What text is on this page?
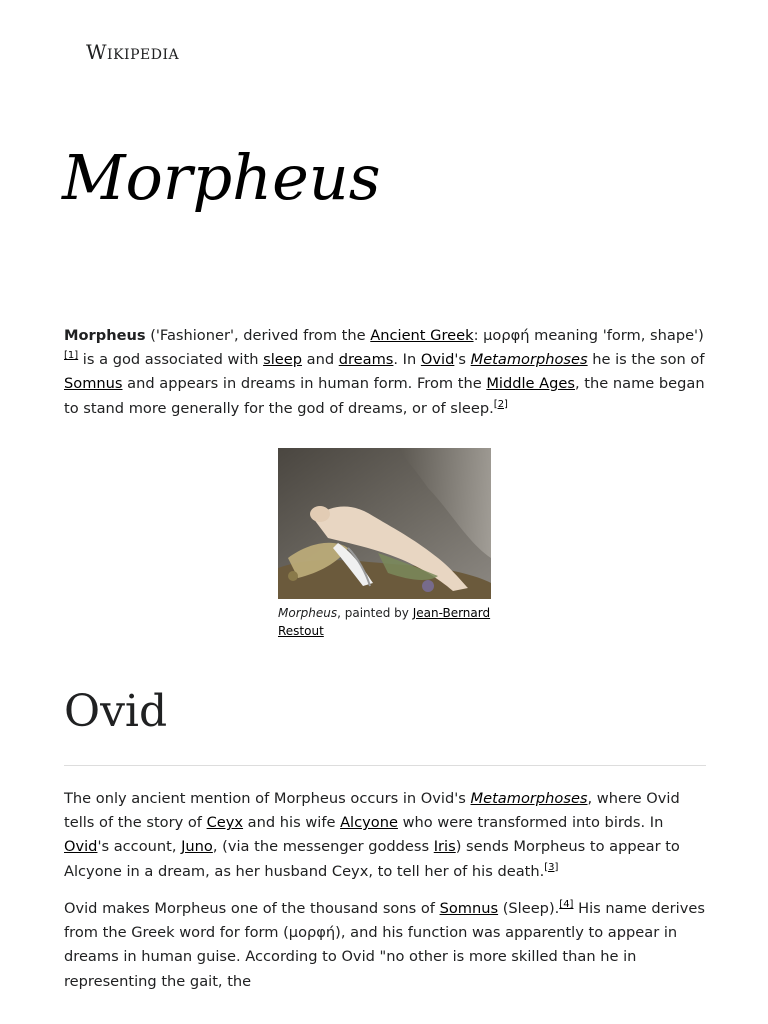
Wikipedia
Morpheus

Morpheus ('Fashioner', derived from the Ancient Greek: μορφή meaning 'form, shape')[1] is a god associated with sleep and dreams. In Ovid's Metamorphoses he is the son of Somnus and appears in dreams in human form. From the Middle Ages, the name began to stand more generally for the god of dreams, or of sleep.[2]

Morpheus, painted by Jean-Bernard Restout
Ovid

The only ancient mention of Morpheus occurs in Ovid's Metamorphoses, where Ovid tells of the story of Ceyx and his wife Alcyone who were transformed into birds. In Ovid's account, Juno, (via the messenger goddess Iris) sends Morpheus to appear to Alcyone in a dream, as her husband Ceyx, to tell her of his death.[3]

Ovid makes Morpheus one of the thousand sons of Somnus (Sleep).[4] His name derives from the Greek word for form (μορφή), and his function was apparently to appear in dreams in human guise. According to Ovid "no other is more skilled than he in representing the gait, the
